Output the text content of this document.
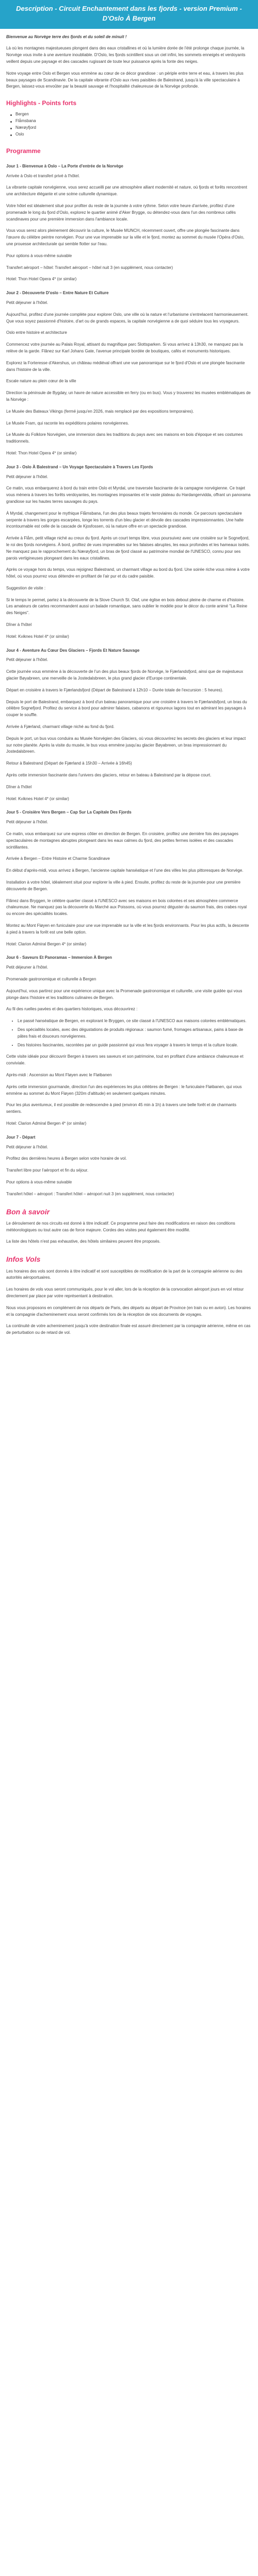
Description - Circuit Enchantement dans les fjords - version Premium - D'Oslo À Bergen

Bienvenue au Norvège terre des fjords et du soleil de minuit !

Là où les montagnes majestueuses plongent dans des eaux cristallines et où la lumière dorée de l'été prolonge chaque journée, la Norvège vous invite à une aventure inoubliable. D'Oslo, les fjords scintillent sous un ciel infini, les sommets enneigés et verdoyants veillent depuis une paysage et des cascades rugissant de toute leur puissance après la fonte des neiges.

Notre voyage entre Oslo et Bergen vous emmène au cœur de ce décor grandiose : un périple entre terre et eau, à travers les plus beaux paysages de Scandinavie. De la capitale vibrante d'Oslo aux rives paisibles de Balestrand, jusqu'à la ville spectaculaire à Bergen, laissez-vous envoûter par la beauté sauvage et l'hospitalité chaleureuse de la Norvège profonde.

Highlights - Points forts
Bergen
Flåmsbana
Nærøyfjord
Oslo
Programme

Jour 1 - Bienvenue à Oslo – La Porte d'entrée de la Norvège

Arrivée à Oslo et transfert privé à l'hôtel.

La vibrante capitale norvégienne, vous serez accueilli par une atmosphère alliant modernité et nature, où fjords et forêts rencontrent une architecture élégante et une scène culturelle dynamique.

Votre hôtel est idéalement situé pour profiter du reste de la journée à votre rythme. Selon votre heure d'arrivée, profitez d'une promenade le long du fjord d'Oslo, explorez le quartier animé d'Aker Brygge, ou détendez-vous dans l'un des nombreux cafés scandinaves pour une première immersion dans l'ambiance locale.

Vous vous serez alors pleinement découvrir la culture, le Musée MUNCH, récemment ouvert, offre une plongée fascinante dans l'œuvre du célèbre peintre norvégien. Pour une vue imprenable sur la ville et le fjord, montez au sommet du musée l'Opéra d'Oslo, une prouesse architecturale qui semble flotter sur l'eau.

Pour options à vous-même suivable

Transfert aéroport – hôtel: Transfert aéroport – hôtel nuit 3 (en supplément, nous contacter)

Hotel: Thon Hotel Opera 4* (or similar)

Jour 2 - Découverte D'oslo – Entre Nature Et Culture

Petit déjeuner à l'hôtel.

Aujourd'hui, profitez d'une journée complète pour explorer Oslo, une ville où la nature et l'urbanisme s'entrelacent harmonieusement. Que vous soyez passionné d'histoire, d'art ou de grands espaces, la capitale norvégienne a de quoi séduire tous les voyageurs.

Oslo entre histoire et architecture

Commencez votre journée au Palais Royal, attisant du magnifique parc Slottsparken. Si vous arrivez à 13h30, ne manquez pas la relève de la garde. Flânez sur Karl Johans Gate, l'avenue principale bordée de boutiques, cafés et monuments historiques.

Explorez la Forteresse d'Akershus, un château médiéval offrant une vue panoramique sur le fjord d'Oslo et une plongée fascinante dans l'histoire de la ville.

Escale nature au plein cœur de la ville

Direction la péninsule de Bygdøy, un havre de nature accessible en ferry (ou en bus). Vous y trouverez les musées emblématiques de la Norvège :

Le Musée des Bateaux Vikings (fermé jusqu'en 2026, mais remplacé par des expositions temporaires).

Le Musée Fram, qui raconte les expéditions polaires norvégiennes.

Le Musée du Folklore Norvégien, une immersion dans les traditions du pays avec ses maisons en bois d'époque et ses costumes traditionnels.

Hotel: Thon Hotel Opera 4* (or similar)

Jour 3 - Oslo À Balestrand – Un Voyage Spectaculaire à Travers Les Fjords

Petit déjeuner à l'hôtel.

Ce matin, vous embarquerez à bord du train entre Oslo et Myrdal, une traversée fascinante de la campagne norvégienne. Ce trajet vous mènera à travers les forêts verdoyantes, les montagnes imposantes et le vaste plateau du Hardangervidda, offrant un panorama grandiose sur les hautes terres sauvages du pays.

À Myrdal, changement pour le mythique Flåmsbana, l'un des plus beaux trajets ferroviaires du monde. Ce parcours spectaculaire serpente à travers les gorges escarpées, longe les torrents d'un bleu glacier et dévoile des cascades impressionnantes. Une halte incontournable est celle de la cascade de Kjosfossen, où la nature offre en un spectacle grandiose.

Arrivée à Flåm, petit village niché au creux du fjord. Après un court temps libre, vous poursuivez avec une croisière sur le Sognefjord, le roi des fjords norvégiens. À bord, profitez de vues imprenables sur les falaises abruptes, les eaux profondes et les hameaux isolés. Ne manquez pas le rapprochement du Nærøyfjord, un bras de fjord classé au patrimoine mondial de l'UNESCO, connu pour ses parois vertigineuses plongeant dans les eaux cristallines.

Après ce voyage hors du temps, vous rejoignez Balestrand, un charmant village au bord du fjord. Une soirée riche vous mène à votre hôtel, où vous pourrez vous détendre en profitant de l'air pur et du cadre paisible.

Suggestion de visite :

Si le temps le permet, partez à la découverte de la Slove Church St. Olaf, une église en bois debout pleine de charme et d'histoire. Les amateurs de cartes recommandent aussi un balade romantique, sans oublier le modèle pour le décor du conte animé "La Reine des Neiges".

Dîner à l'hôtel

Hotel: Kviknes Hotel 4* (or similar)

Jour 4 - Aventure Au Cœur Des Glaciers – Fjords Et Nature Sauvage

Petit déjeuner à l'hôtel.

Cette journée vous emmène à la découverte de l'un des plus beaux fjords de Norvège, le Fjærlandsfjord, ainsi que de majestueux glacier Bøyabreen, une merveille de la Jostedalsbreen, le plus grand glacier d'Europe continentale.

Départ en croisière à travers le Fjærlandsfjord (Départ de Balestrand à 12h10 – Durée totale de l'excursion : 5 heures).

Depuis le port de Balestrand, embarquez à bord d'un bateau panoramique pour une croisière à travers le Fjærlandsfjord, un bras du célèbre Sognefjord. Profitez du service à bord pour admirer falaises, cabanons et rigoureux lagons tout en admirant les paysages à couper le souffle.

Arrivée à Fjærland, charmant village niché au fond du fjord.

Depuis le port, un bus vous conduira au Musée Norvégien des Glaciers, où vous découvrirez les secrets des glaciers et leur impact sur notre planète. Après la visite du musée, le bus vous emmène jusqu'au glacier Bøyabreen, un bras impressionnant du Jostedalsbreen.

Retour à Balestrand (Départ de Fjærland à 15h30 – Arrivée à 16h45)

Après cette immersion fascinante dans l'univers des glaciers, retour en bateau à Balestrand par la dépose court.

Dîner à l'hôtel

Hotel: Kviknes Hotel 4* (or similar)

Jour 5 - Croisière Vers Bergen – Cap Sur La Capitale Des Fjords

Petit déjeuner à l'hôtel.

Ce matin, vous embarquez sur une express côtier en direction de Bergen. En croisière, profitez une dernière fois des paysages spectaculaires de montagnes abruptes plongeant dans les eaux calmes du fjord, des petites fermes isolées et des cascades scintillantes.

Arrivée à Bergen – Entre Histoire et Charme Scandinave

En début d'après-midi, vous arrivez à Bergen, l'ancienne capitale hanséatique et l'une des villes les plus pittoresques de Norvège.

Installation à votre hôtel, idéalement situé pour explorer la ville à pied. Ensuite, profitez du reste de la journée pour une première découverte de Bergen.

Flânez dans Bryggen, le célèbre quartier classé à l'UNESCO avec ses maisons en bois colorées et ses atmosphère commerce chaleureuse. Ne manquez pas la découverte du Marché aux Poissons, où vous pourrez déguster du saumon frais, des crabes royal ou encore des spécialités locales.

Montez au Mont Fløyen en funiculaire pour une vue imprenable sur la ville et les fjords environnants. Pour les plus actifs, la descente à pied à travers la forêt est une belle option.

Hotel: Clarion Admiral Bergen 4* (or similar)

Jour 6 - Saveurs Et Panoramas – Immersion À Bergen

Petit déjeuner à l'hôtel.

Promenade gastronomique et culturelle à Bergen

Aujourd'hui, vous partirez pour une expérience unique avec la Promenade gastronomique et culturelle, une visite guidée qui vous plonge dans l'histoire et les traditions culinaires de Bergen.

Au fil des ruelles pavées et des quartiers historiques, vous découvrirez :

• Le passé hanséatique de Bergen, en explorant le Bryggen, ce site classé à l'UNESCO aux maisons colorées emblématiques.
• Des spécialités locales, avec des dégustations de produits régionaux : saumon fumé, fromages artisanaux, pains à base de pâtes frais et douceurs norvégiennes.
• Des histoires fascinantes, racontées par un guide passionné qui vous fera voyager à travers le temps et la culture locale.

Cette visite idéale pour découvrir Bergen à travers ses saveurs et son patrimoine, tout en profitant d'une ambiance chaleureuse et conviviale.

Après-midi : Ascension au Mont Fløyen avec le Fløibanen

Après cette immersion gourmande, direction l'un des expériences les plus célèbres de Bergen : le funiculaire Fløibanen, qui vous emmène au sommet du Mont Fløyen (320m d'altitude) en seulement quelques minutes.

Pour les plus aventureux, il est possible de redescendre à pied (environ 45 min à 1h) à travers une belle forêt et de charmants sentiers.

Hotel: Clarion Admiral Bergen 4* (or similar)

Jour 7 - Départ

Petit déjeuner à l'hôtel.

Profitez des dernières heures à Bergen selon votre horaire de vol.

Transfert libre pour l'aéroport et fin du séjour.

Pour options à vous-même suivable

Transfert hôtel – aéroport : Transfert hôtel – aéroport nuit 3 (en supplément, nous contacter)

Bon à savoir

Le déroulement de nos circuits est donné à titre indicatif. Ce programme peut faire des modifications en raison des conditions météorologiques ou tout autre cas de force majeure. Cordes des visites peut également être modifié.

La liste des hôtels n'est pas exhaustive, des hôtels similaires peuvent être proposés.

Infos Vols

Les horaires des vols sont donnés à titre indicatif et sont susceptibles de modification de la part de la compagnie aérienne ou des autorités aéroportuaires.

Les horaires de vols vous seront communiqués, pour le vol aller, lors de la réception de la convocation aéroport jours en vol retour directement par place par votre représentant à destination.

Nous vous proposons en complément de nos départs de Paris, des départs au départ de Province (en train ou en avion). Les horaires et la compagnie d'acheminement vous seront confirmés lors de la réception de vos documents de voyages.

La continuité de votre acheminement jusqu'à votre destination finale est assuré directement par la compagnie aérienne, même en cas de perturbation ou de retard de vol.
